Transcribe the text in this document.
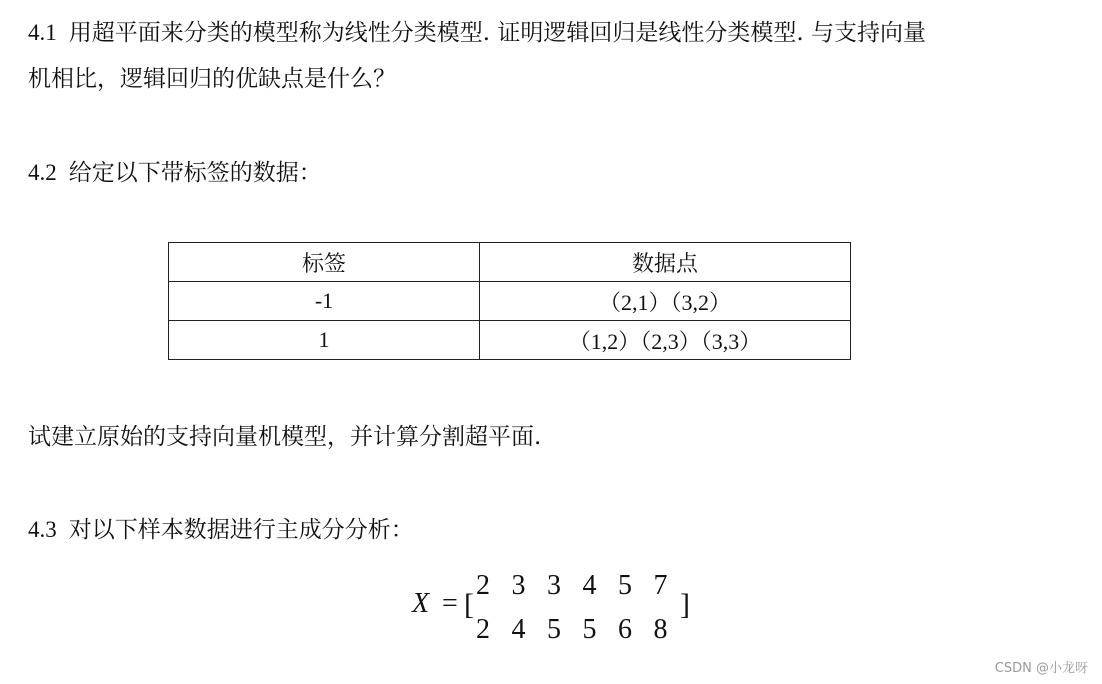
4.1 用超平面来分类的模型称为线性分类模型. 证明逻辑回归是线性分类模型. 与支持向量
机相比，逻辑回归的优缺点是什么？
4.2 给定以下带标签的数据：
标签	数据点
-1	（2,1）（3,2）
1	（1,2）（2,3）（3,3）
试建立原始的支持向量机模型，并计算分割超平面.
4.3 对以下样本数据进行主成分分析：
X = [
2 3 3 4 5 7
2 4 5 5 6 8
]
CSDN @小龙呀
